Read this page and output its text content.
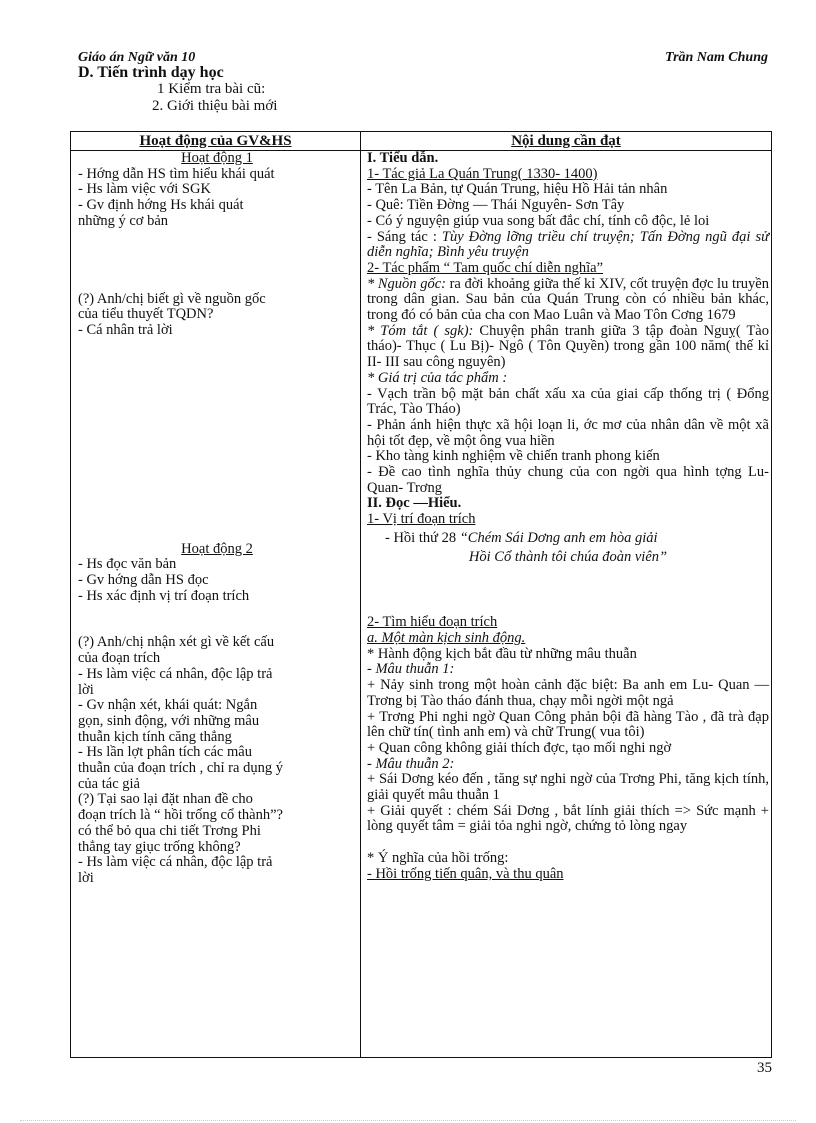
Giáo án Ngữ văn 10	Trần Nam Chung
D. Tiến trình dạy học
1 Kiểm tra bài cũ:
2. Giới thiệu bài mới
Hoạt động của GV&HS	Nội dung cần đạt

Hoạt động 1

- Hớng dẫn HS tìm hiểu khái quát

- Hs làm việc với SGK

- Gv định hớng Hs khái quát

những ý cơ bản

(?) Anh/chị biết gì về nguồn gốc

của tiểu thuyết TQDN?

- Cá nhân trả lời

Hoạt động 2

- Hs đọc văn bản

- Gv hớng dẫn HS đọc

- Hs xác định vị trí đoạn trích

(?) Anh/chị nhận xét gì về kết cấu

của đoạn trích

- Hs làm việc cá nhân, độc lập trả

lời

- Gv nhận xét, khái quát: Ngắn

gọn, sinh động, với những mâu

thuẫn kịch tính căng thẳng

- Hs lần lợt phân tích các mâu

thuẫn của đoạn trích , chỉ ra dụng ý

của tác giả

(?) Tại sao lại đặt nhan đề cho

đoạn trích là “ hồi trống cổ thành”?

có thể bỏ qua chi tiết Trơng Phi

thẳng tay giục trống không?

- Hs làm việc cá nhân, độc lập trả

lời

I. Tiểu dẫn.

1- Tác giả La Quán Trung( 1330- 1400)

- Tên La Bản, tự Quán Trung, hiệu Hồ Hải tản nhân

- Quê: Tiền Đờng — Thái Nguyên- Sơn Tây

- Có ý nguyện giúp vua song bất đắc chí, tính cô độc, lẻ loi

- Sáng tác : Tùy Đờng lỡng triều chí truyện; Tấn Đờng ngũ đại sử diễn nghĩa; Bình yêu truyện

2- Tác phẩm “ Tam quốc chí diễn nghĩa”

* Nguồn gốc: ra đời khoảng giữa thế kỉ XIV, cốt truyện đợc lu truyền trong dân gian. Sau bản của Quán Trung còn có nhiều bản khác, trong đó có bản của cha con Mao Luân và Mao Tôn Cơng 1679

* Tóm tắt ( sgk): Chuyện phân tranh giữa 3 tập đoàn Nguỵ( Tào tháo)- Thục ( Lu Bị)- Ngô ( Tôn Quyền) trong gần 100 năm( thế kỉ II- III sau công nguyên)

* Giá trị của tác phẩm :

- Vạch trần bộ mặt bản chất xấu xa của giai cấp thống trị ( Đổng Trác, Tào Tháo)

- Phản ánh hiện thực xã hội loạn li, ớc mơ của nhân dân về một xã hội tốt đẹp, về một ông vua hiền

- Kho tàng kinh nghiệm về chiến tranh phong kiến

- Đề cao tình nghĩa thủy chung của con ngời qua hình tợng Lu- Quan- Trơng

II. Đọc —Hiểu.

1- Vị trí đoạn trích

- Hồi thứ 28 “Chém Sái Dơng anh em hòa giải

Hồi Cổ thành tôi chúa đoàn viên”

2- Tìm hiểu đoạn trích

a. Một màn kịch sinh động.

* Hành động kịch bắt đầu từ những mâu thuẫn

- Mâu thuẫn 1:

+ Nảy sinh trong một hoàn cảnh đặc biệt: Ba anh em Lu- Quan —Trơng bị Tào tháo đánh thua, chạy mỗi ngời một ngả

+ Trơng Phi nghi ngờ Quan Công phản bội đã hàng Tào , đã trà đạp lên chữ tín( tình anh em) và chữ Trung( vua tôi)

+ Quan công không giải thích đợc, tạo mối nghi ngờ

- Mâu thuẫn 2:

+ Sái Dơng kéo đến , tăng sự nghi ngờ của Trơng Phi, tăng kịch tính, giải quyết mâu thuẫn 1

+ Giải quyết : chém Sái Dơng , bắt lính giải thích => Sức mạnh + lòng quyết tâm = giải tỏa nghi ngờ, chứng tỏ lòng ngay

* Ý nghĩa của hồi trống:

- Hồi trống tiến quân, và thu quân

35
